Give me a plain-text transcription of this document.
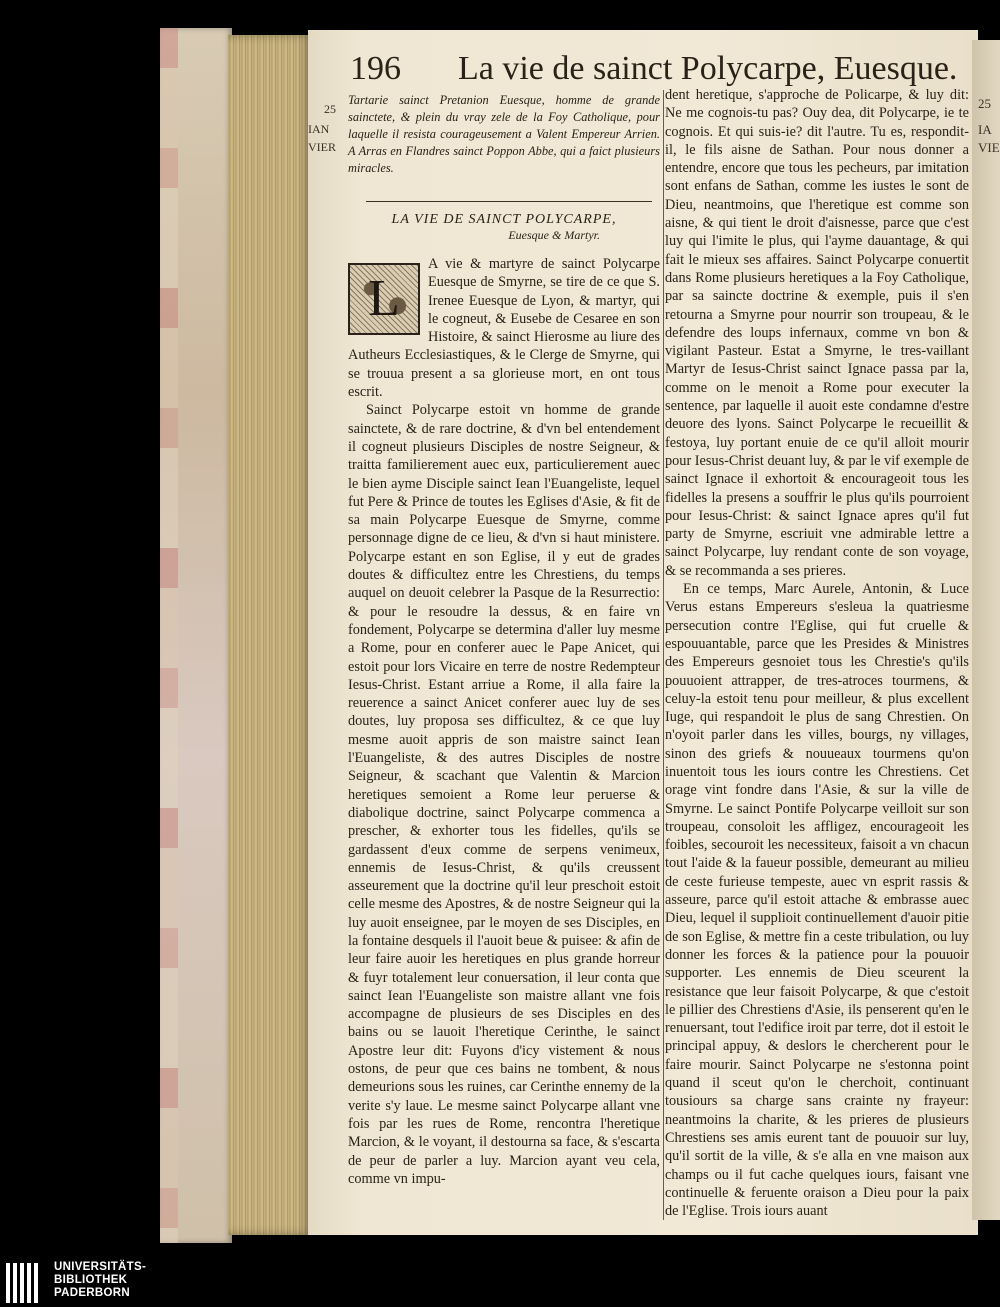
196 La vie de sainct Polycarpe, Euesque.
25
IAN
VIER
Tartarie sainct Pretanion Euesque, homme de grande sainctete, & plein du vray zele de la Foy Catholique, pour laquelle il resista courageusement a Valent Empereur Arrien. A Arras en Flandres sainct Poppon Abbe, qui a faict plusieurs miracles.
LA VIE DE SAINCT POLYCARPE,
Euesque & Martyr.
L

A vie & martyre de sainct Polycarpe Euesque de Smyrne, se tire de ce que S. Irenee Euesque de Lyon, & martyr, qui le cogneut, & Eusebe de Cesaree en son Histoire, & sainct Hierosme au liure des Autheurs Ecclesiastiques, & le Clerge de Smyrne, qui se trouua present a sa glorieuse mort, en ont tous escrit.

Sainct Polycarpe estoit vn homme de grande sainctete, & de rare doctrine, & d'vn bel entendement il cogneut plusieurs Disciples de nostre Seigneur, & traitta familierement auec eux, particulierement auec le bien ayme Disciple sainct Iean l'Euangeliste, lequel fut Pere & Prince de toutes les Eglises d'Asie, & fit de sa main Polycarpe Euesque de Smyrne, comme personnage digne de ce lieu, & d'vn si haut ministere. Polycarpe estant en son Eglise, il y eut de grades doutes & difficultez entre les Chrestiens, du temps auquel on deuoit celebrer la Pasque de la Resurrectio: & pour le resoudre la dessus, & en faire vn fondement, Polycarpe se determina d'aller luy mesme a Rome, pour en conferer auec le Pape Anicet, qui estoit pour lors Vicaire en terre de nostre Redempteur Iesus-Christ. Estant arriue a Rome, il alla faire la reuerence a sainct Anicet conferer auec luy de ses doutes, luy proposa ses difficultez, & ce que luy mesme auoit appris de son maistre sainct Iean l'Euangeliste, & des autres Disciples de nostre Seigneur, & scachant que Valentin & Marcion heretiques semoient a Rome leur peruerse & diabolique doctrine, sainct Polycarpe commenca a prescher, & exhorter tous les fidelles, qu'ils se gardassent d'eux comme de serpens venimeux, ennemis de Iesus-Christ, & qu'ils creussent asseurement que la doctrine qu'il leur preschoit estoit celle mesme des Apostres, & de nostre Seigneur qui la luy auoit enseignee, par le moyen de ses Disciples, en la fontaine desquels il l'auoit beue & puisee: & afin de leur faire auoir les heretiques en plus grande horreur & fuyr totalement leur conuersation, il leur conta que sainct Iean l'Euangeliste son maistre allant vne fois accompagne de plusieurs de ses Disciples en des bains ou se lauoit l'heretique Cerinthe, le sainct Apostre leur dit: Fuyons d'icy vistement & nous ostons, de peur que ces bains ne tombent, & nous demeurions sous les ruines, car Cerinthe ennemy de la verite s'y laue. Le mesme sainct Polycarpe allant vne fois par les rues de Rome, rencontra l'heretique Marcion, & le voyant, il destourna sa face, & s'escarta de peur de parler a luy. Marcion ayant veu cela, comme vn impu-

dent heretique, s'approche de Policarpe, & luy dit: Ne me cognois-tu pas? Ouy dea, dit Polycarpe, ie te cognois. Et qui suis-ie? dit l'autre. Tu es, respondit-il, le fils aisne de Sathan. Pour nous donner a entendre, encore que tous les pecheurs, par imitation sont enfans de Sathan, comme les iustes le sont de Dieu, neantmoins, que l'heretique est comme son aisne, & qui tient le droit d'aisnesse, parce que c'est luy qui l'imite le plus, qui l'ayme dauantage, & qui fait le mieux ses affaires. Sainct Polycarpe conuertit dans Rome plusieurs heretiques a la Foy Catholique, par sa saincte doctrine & exemple, puis il s'en retourna a Smyrne pour nourrir son troupeau, & le defendre des loups infernaux, comme vn bon & vigilant Pasteur. Estat a Smyrne, le tres-vaillant Martyr de Iesus-Christ sainct Ignace passa par la, comme on le menoit a Rome pour executer la sentence, par laquelle il auoit este condamne d'estre deuore des lyons. Sainct Polycarpe le recueillit & festoya, luy portant enuie de ce qu'il alloit mourir pour Iesus-Christ deuant luy, & par le vif exemple de sainct Ignace il exhortoit & encourageoit tous les fidelles la presens a souffrir le plus qu'ils pourroient pour Iesus-Christ: & sainct Ignace apres qu'il fut party de Smyrne, escriuit vne admirable lettre a sainct Polycarpe, luy rendant conte de son voyage, & se recommanda a ses prieres.

En ce temps, Marc Aurele, Antonin, & Luce Verus estans Empereurs s'esleua la quatriesme persecution contre l'Eglise, qui fut cruelle & espouuantable, parce que les Presides & Ministres des Empereurs gesnoiet tous les Chrestie's qu'ils pouuoient attrapper, de tres-atroces tourmens, & celuy-la estoit tenu pour meilleur, & plus excellent Iuge, qui respandoit le plus de sang Chrestien. On n'oyoit parler dans les villes, bourgs, ny villages, sinon des griefs & nouueaux tourmens qu'on inuentoit tous les iours contre les Chrestiens. Cet orage vint fondre dans l'Asie, & sur la ville de Smyrne. Le sainct Pontife Polycarpe veilloit sur son troupeau, consoloit les affligez, encourageoit les foibles, secouroit les necessiteux, faisoit a vn chacun tout l'aide & la faueur possible, demeurant au milieu de ceste furieuse tempeste, auec vn esprit rassis & asseure, parce qu'il estoit attache & embrasse auec Dieu, lequel il supplioit continuellement d'auoir pitie de son Eglise, & mettre fin a ceste tribulation, ou luy donner les forces & la patience pour la pouuoir supporter. Les ennemis de Dieu sceurent la resistance que leur faisoit Polycarpe, & que c'estoit le pillier des Chrestiens d'Asie, ils penserent qu'en le renuersant, tout l'edifice iroit par terre, dot il estoit le principal appuy, & deslors le chercherent pour le faire mourir. Sainct Polycarpe ne s'estonna point quand il sceut qu'on le cherchoit, continuant tousiours sa charge sans crainte ny frayeur: neantmoins la charite, & les prieres de plusieurs Chrestiens ses amis eurent tant de pouuoir sur luy, qu'il sortit de la ville, & s'e alla en vne maison aux champs ou il fut cache quelques iours, faisant vne continuelle & feruente oraison a Dieu pour la paix de l'Eglise. Trois iours auant

25
IA
VIE
UNIVERSITÄTS-
BIBLIOTHEK
PADERBORN
